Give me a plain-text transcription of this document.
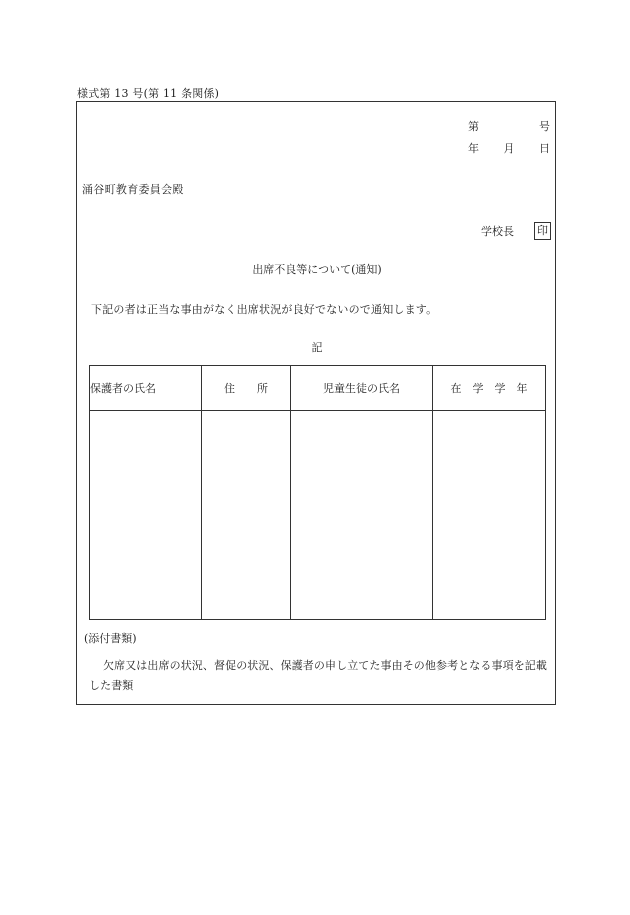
様式第 13 号(第 11 条関係)
第	号
年 月 日
涌谷町教育委員会殿
学校長 印
出席不良等について(通知)
下記の者は正当な事由がなく出席状況が良好でないので通知します。
記
保護者の氏名	住　　所	児童生徒の氏名	在　学　学　年

(添付書類)
欠席又は出席の状況、督促の状況、保護者の申し立てた事由その他参考となる事項を記載した書類
